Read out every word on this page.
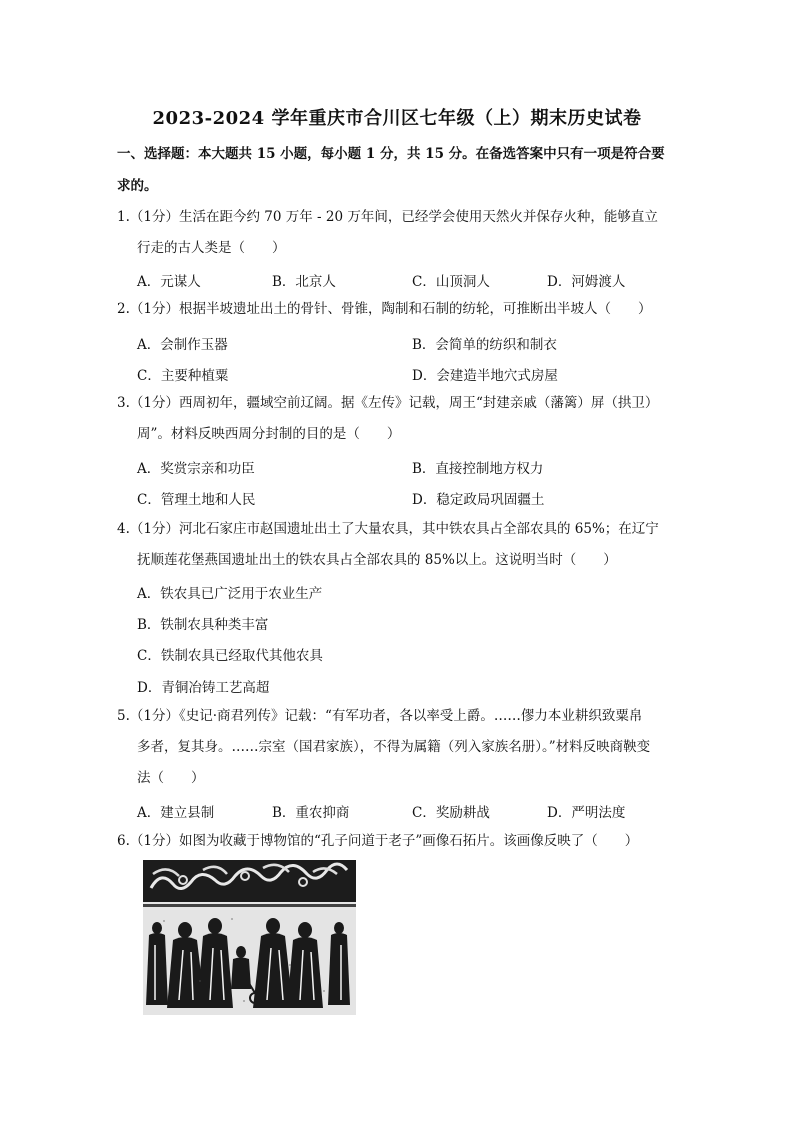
2023-2024 学年重庆市合川区七年级（上）期末历史试卷
一、选择题：本大题共 15 小题，每小题 1 分，共 15 分。在备选答案中只有一项是符合要
求的。
1.（1分）生活在距今约 70 万年 - 20 万年间，已经学会使用天然火并保存火种，能够直立
行走的古人类是（　　）
A．元谋人	B．北京人	C．山顶洞人	D．河姆渡人
2.（1分）根据半坡遗址出土的骨针、骨锥，陶制和石制的纺轮，可推断出半坡人（　　）
A．会制作玉器	B．会简单的纺织和制衣
C．主要种植粟	D．会建造半地穴式房屋
3.（1分）西周初年，疆域空前辽阔。据《左传》记载，周王“封建亲戚（藩篱）屏（拱卫）
周”。材料反映西周分封制的目的是（　　）
A．奖赏宗亲和功臣	B．直接控制地方权力
C．管理土地和人民	D．稳定政局巩固疆土
4.（1分）河北石家庄市赵国遗址出土了大量农具，其中铁农具占全部农具的 65%；在辽宁
抚顺莲花堡燕国遗址出土的铁农具占全部农具的 85%以上。这说明当时（　　）
A．铁农具已广泛用于农业生产
B．铁制农具种类丰富
C．铁制农具已经取代其他农具
D．青铜冶铸工艺高超
5.（1分）《史记·商君列传》记载：“有军功者，各以率受上爵。……僇力本业耕织致粟帛
多者，复其身。……宗室（国君家族），不得为属籍（列入家族名册）。”材料反映商鞅变
法（　　）
A．建立县制	B．重农抑商	C．奖励耕战	D．严明法度
6.（1分）如图为收藏于博物馆的“孔子问道于老子”画像石拓片。该画像反映了（　　）
